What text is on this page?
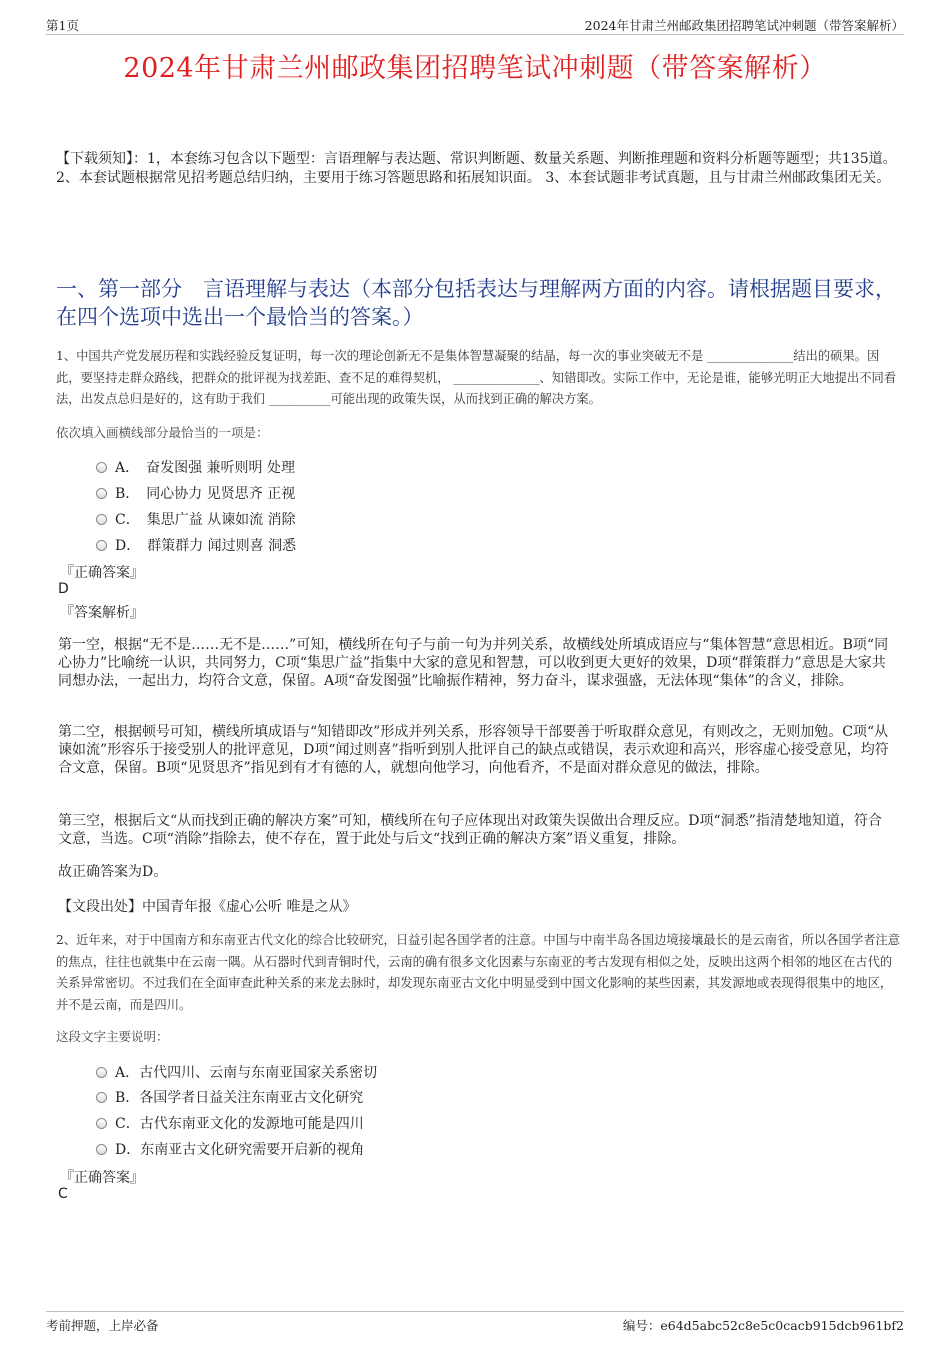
第1页	2024年甘肃兰州邮政集团招聘笔试冲刺题（带答案解析）
2024年甘肃兰州邮政集团招聘笔试冲刺题（带答案解析）
【下载须知】：1，本套练习包含以下题型：言语理解与表达题、常识判断题、数量关系题、判断推理题和资料分析题等题型；共135道。 2、本套试题根据常见招考题总结归纳，主要用于练习答题思路和拓展知识面。 3、本套试题非考试真题，且与甘肃兰州邮政集团无关。
一、第一部分　言语理解与表达（本部分包括表达与理解两方面的内容。请根据题目要求，在四个选项中选出一个最恰当的答案。）
1、中国共产党发展历程和实践经验反复证明，每一次的理论创新无不是集体智慧凝聚的结晶，每一次的事业突破无不是 ______________结出的硕果。因此，要坚持走群众路线，把群众的批评视为找差距、查不足的难得契机， ______________、知错即改。实际工作中，无论是谁，能够光明正大地提出不同看法，出发点总归是好的，这有助于我们 __________可能出现的政策失误，从而找到正确的解决方案。
依次填入画横线部分最恰当的一项是：
A．　奋发图强 兼听则明 处理
B．　同心协力 见贤思齐 正视
C．　集思广益 从谏如流 消除
D．　群策群力 闻过则喜 洞悉
『正确答案』
D
『答案解析』
第一空，根据“无不是……无不是……”可知，横线所在句子与前一句为并列关系，故横线处所填成语应与“集体智慧”意思相近。B项“同心协力”比喻统一认识，共同努力，C项“集思广益”指集中大家的意见和智慧，可以收到更大更好的效果，D项“群策群力”意思是大家共同想办法，一起出力，均符合文意，保留。A项“奋发图强”比喻振作精神，努力奋斗，谋求强盛，无法体现“集体”的含义，排除。
第二空，根据顿号可知，横线所填成语与“知错即改”形成并列关系，形容领导干部要善于听取群众意见，有则改之，无则加勉。C项“从谏如流”形容乐于接受别人的批评意见，D项“闻过则喜”指听到别人批评自己的缺点或错误，表示欢迎和高兴，形容虚心接受意见，均符合文意，保留。B项“见贤思齐”指见到有才有德的人，就想向他学习，向他看齐，不是面对群众意见的做法，排除。
第三空，根据后文“从而找到正确的解决方案”可知，横线所在句子应体现出对政策失误做出合理反应。D项“洞悉”指清楚地知道，符合文意，当选。C项“消除”指除去，使不存在，置于此处与后文“找到正确的解决方案”语义重复，排除。
故正确答案为D。
【文段出处】中国青年报《虚心公听 唯是之从》
2、近年来，对于中国南方和东南亚古代文化的综合比较研究，日益引起各国学者的注意。中国与中南半岛各国边境接壤最长的是云南省，所以各国学者注意的焦点，往往也就集中在云南一隅。从石器时代到青铜时代，云南的确有很多文化因素与东南亚的考古发现有相似之处，反映出这两个相邻的地区在古代的关系异常密切。不过我们在全面审查此种关系的来龙去脉时，却发现东南亚古文化中明显受到中国文化影响的某些因素，其发源地或表现得很集中的地区，并不是云南，而是四川。
这段文字主要说明：
A．古代四川、云南与东南亚国家关系密切
B．各国学者日益关注东南亚古文化研究
C．古代东南亚文化的发源地可能是四川
D．东南亚古文化研究需要开启新的视角
『正确答案』
C
考前押题，上岸必备	编号：e64d5abc52c8e5c0cacb915dcb961bf2
